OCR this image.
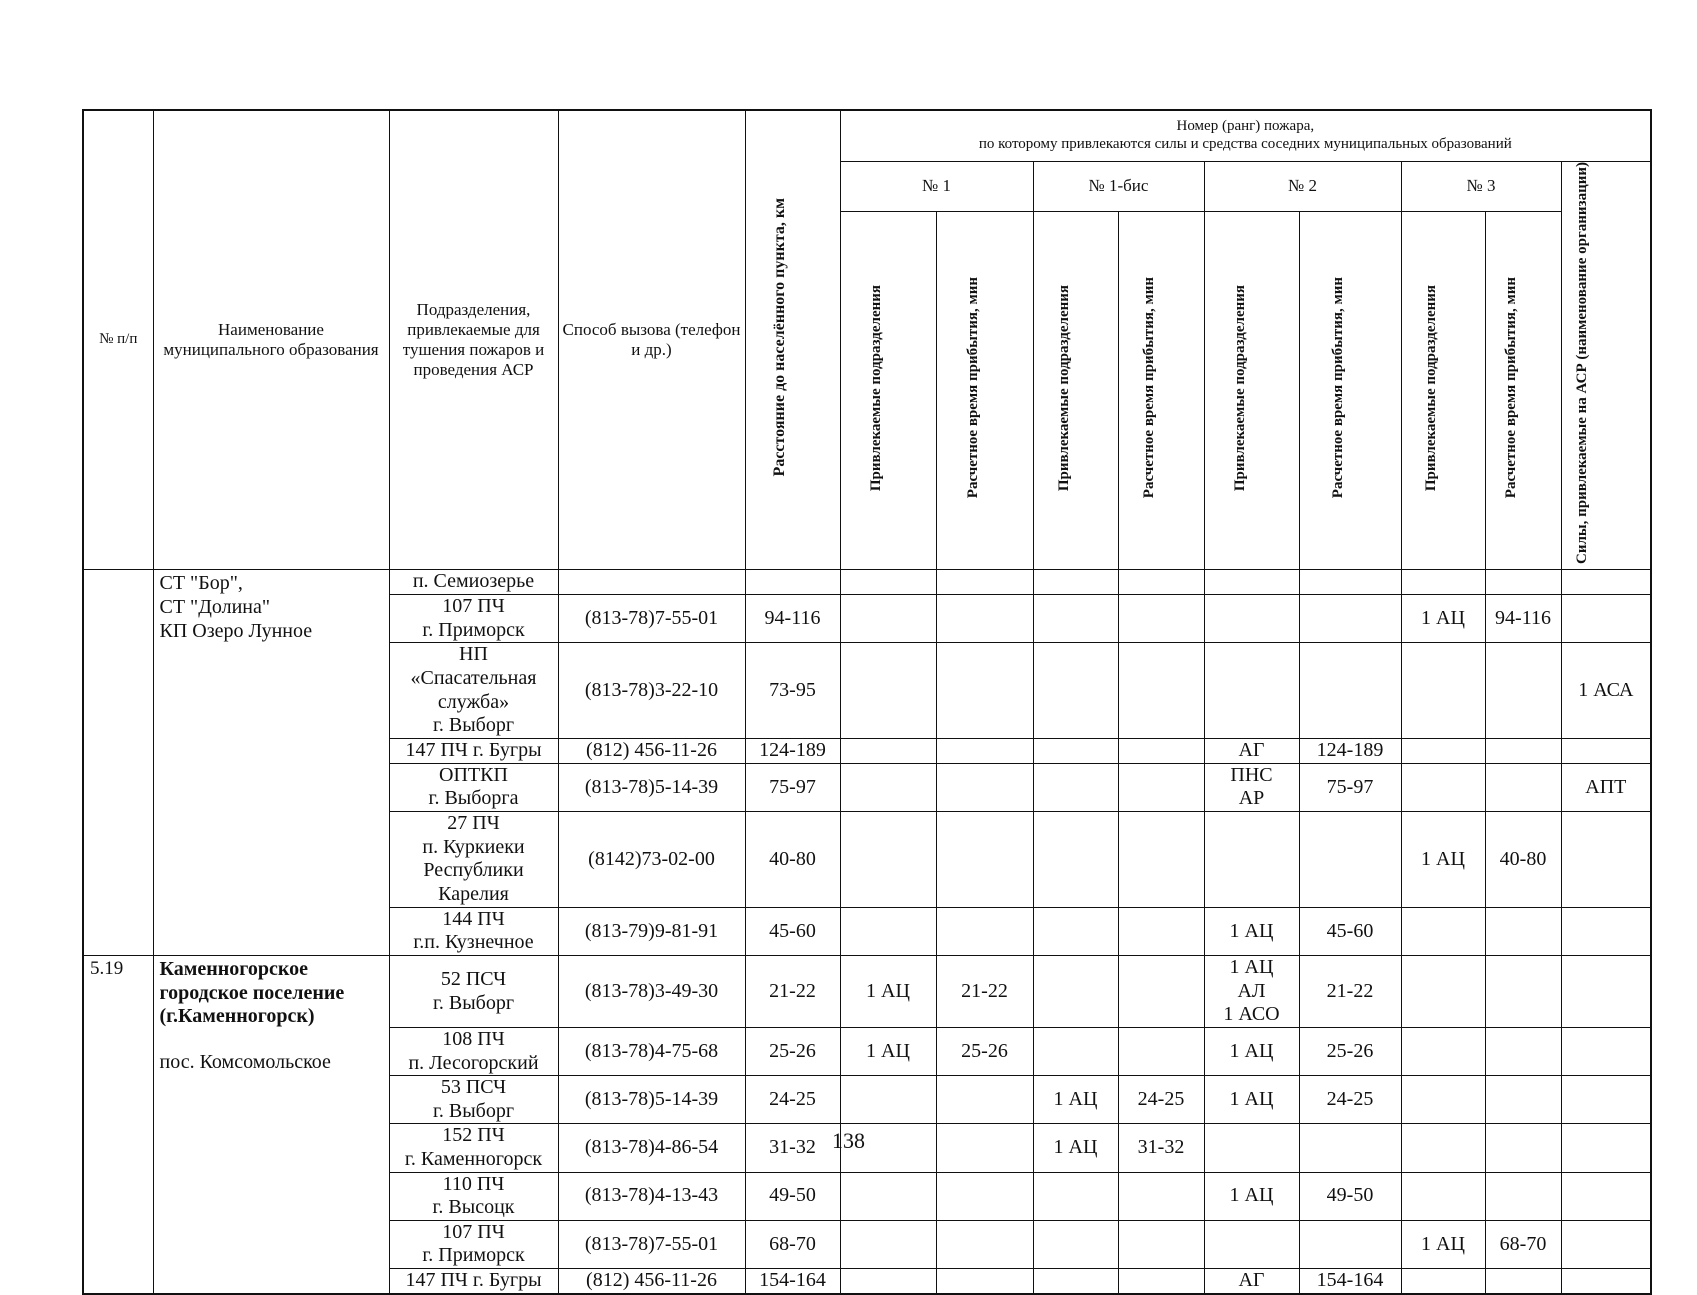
№ п/п	Наименование муниципального образования	Подразделения, привлекаемые для тушения пожаров и проведения АСР	Способ вызова (телефон и др.)	Расстояние до населённого пункта, км	Номер (ранг) пожара,
по которому привлекаются силы и средства соседних муниципальных образований								

					№ 1		№ 1-бис		№ 2		№ 3		Силы, привлекаемые на АСР (наименование организации)
					Привлекаемые подразделения	Расчетное время прибытия, мин	Привлекаемые подразделения	Расчетное время прибытия, мин	Привлекаемые подразделения	Расчетное время прибытия, мин	Привлекаемые подразделения	Расчетное время прибытия, мин	

	СТ "Бор",
СТ "Долина"
КП Озеро Лунное	п. Семиозерье											

		107 ПЧ
г. Приморск	(813-78)7-55-01	94-116							1 АЦ	94-116	

		НП
«Спасательная
служба»
г. Выборг	(813-78)3-22-10	73-95									1 АСА

		147 ПЧ г. Бугры	(812) 456-11-26	124-189					АГ	124-189			

		ОПТКП
г. Выборга	(813-78)5-14-39	75-97					ПНС
АР	75-97			АПТ

		27 ПЧ
п. Куркиеки
Республики
Карелия	(8142)73-02-00	40-80							1 АЦ	40-80	

		144 ПЧ
г.п. Кузнечное	(813-79)9-81-91	45-60					1 АЦ	45-60			
5.19	Каменногорское
городское поселение
(г.Каменногорск)
пос. Комсомольское	52 ПСЧ
г. Выборг	(813-78)3-49-30	21-22	1 АЦ	21-22			1 АЦ
АЛ
1 АСО	21-22			

		108 ПЧ
п. Лесогорский	(813-78)4-75-68	25-26	1 АЦ	25-26			1 АЦ	25-26			

		53 ПСЧ
г. Выборг	(813-78)5-14-39	24-25			1 АЦ	24-25	1 АЦ	24-25			

		152 ПЧ
г. Каменногорск	(813-78)4-86-54	31-32			1 АЦ	31-32					

		110 ПЧ
г. Высоцк	(813-78)4-13-43	49-50					1 АЦ	49-50			

		107 ПЧ
г. Приморск	(813-78)7-55-01	68-70							1 АЦ	68-70	

		147 ПЧ г. Бугры	(812) 456-11-26	154-164					АГ	154-164			
138
